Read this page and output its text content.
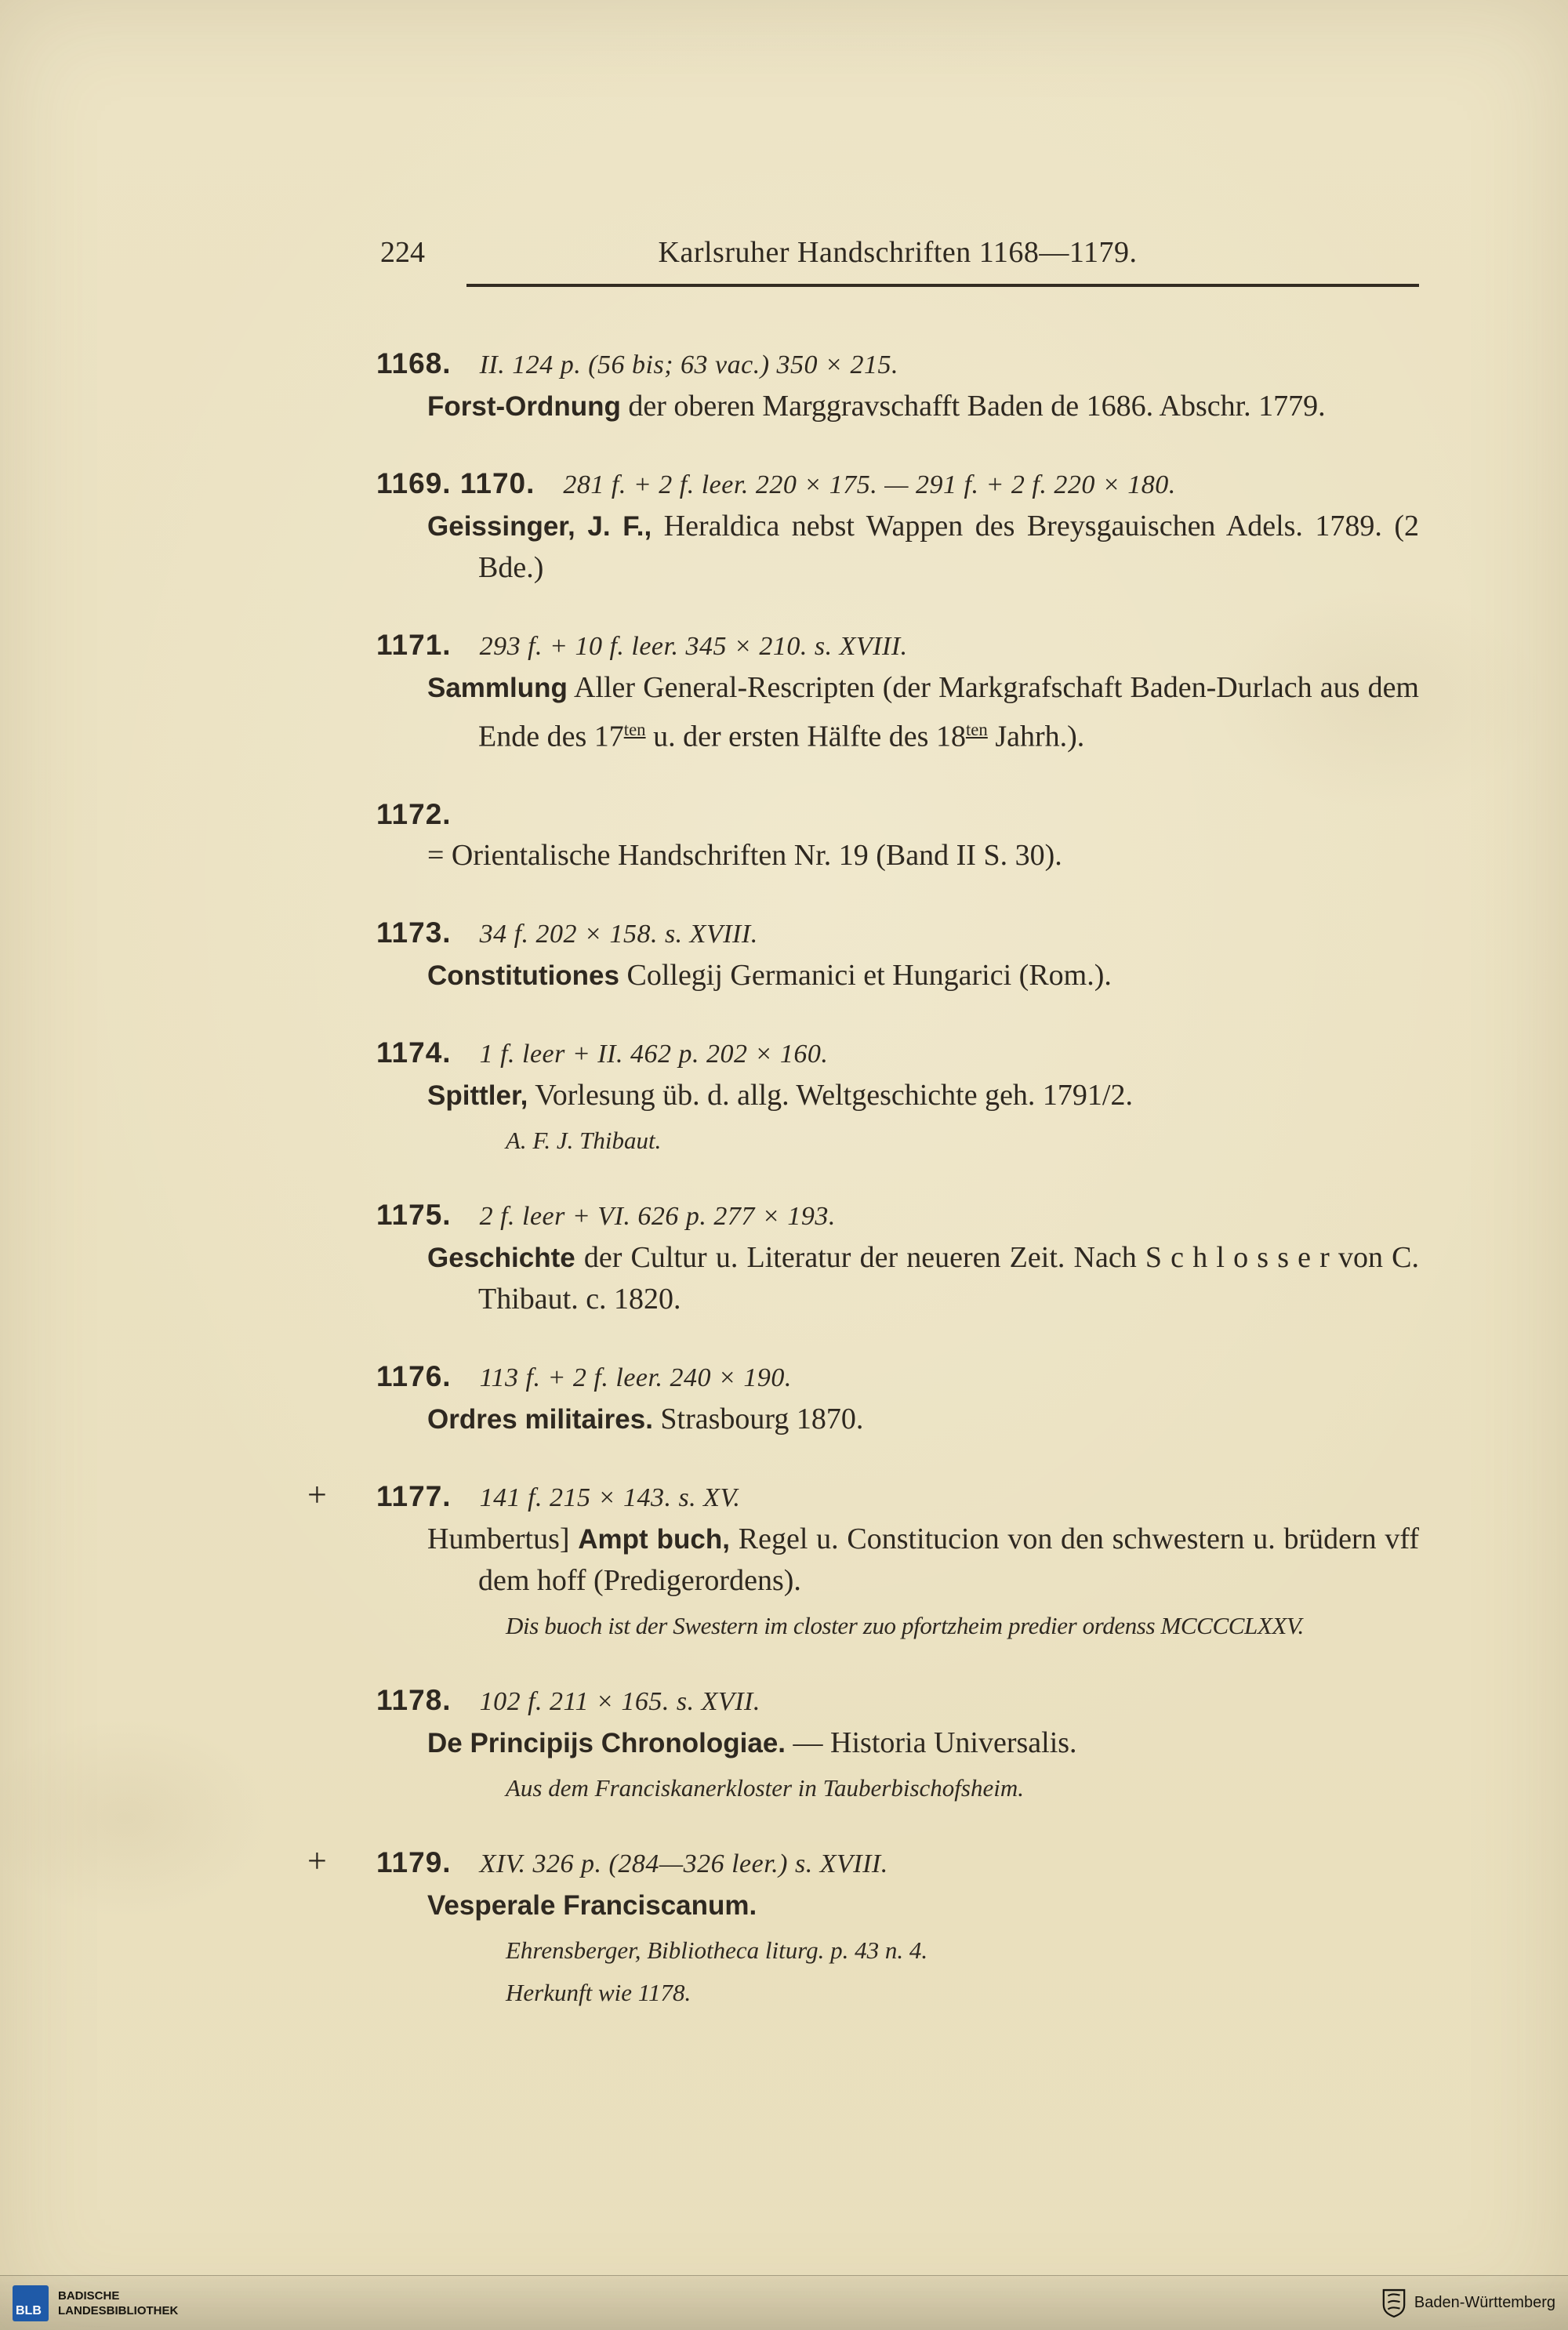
224	Karlsruher Handschriften 1168—1179.
1168. II. 124 p. (56 bis; 63 vac.) 350 × 215.

Forst-Ordnung der oberen Marggravschafft Baden de 1686. Abschr. 1779.

1169. 1170. 281 f. + 2 f. leer. 220 × 175. — 291 f. + 2 f. 220 × 180.

Geissinger, J. F., Heraldica nebst Wappen des Breysgauischen Adels. 1789. (2 Bde.)

1171. 293 f. + 10 f. leer. 345 × 210. s. XVIII.

Sammlung Aller General-Rescripten (der Markgrafschaft Baden-Durlach aus dem Ende des $17^{ten}$ u. der ersten Hälfte des $18^{ten}$ Jahrh.).

1172.

= Orientalische Handschriften Nr. 19 (Band II S. 30).

1173. 34 f. 202 × 158. s. XVIII.

Constitutiones Collegij Germanici et Hungarici (Rom.).

1174. 1 f. leer + II. 462 p. 202 × 160.

Spittler, Vorlesung üb. d. allg. Weltgeschichte geh. 1791/2.

A. F. J. Thibaut.

1175. 2 f. leer + VI. 626 p. 277 × 193.

Geschichte der Cultur u. Literatur der neueren Zeit. Nach S c h l o s s e r von C. Thibaut. c. 1820.

1176. 113 f. + 2 f. leer. 240 × 190.

Ordres militaires. Strasbourg 1870.

+ 1177. 141 f. 215 × 143. s. XV.

Humbertus] Ampt buch, Regel u. Constitucion von den schwestern u. brüdern vff dem hoff (Predigerordens).

Dis buoch ist der Swestern im closter zuo pfortzheim predier ordenss MCCCCLXXV.

1178. 102 f. 211 × 165. s. XVII.

De Principijs Chronologiae. — Historia Universalis.

Aus dem Franciskanerkloster in Tauberbischofsheim.

+ 1179. XIV. 326 p. (284—326 leer.) s. XVIII.

Vesperale Franciscanum.

Ehrensberger, Bibliotheca liturg. p. 43 n. 4.

Herkunft wie 1178.

BLB
BADISCHE
LANDESBIBLIOTHEK	Baden-Württemberg
